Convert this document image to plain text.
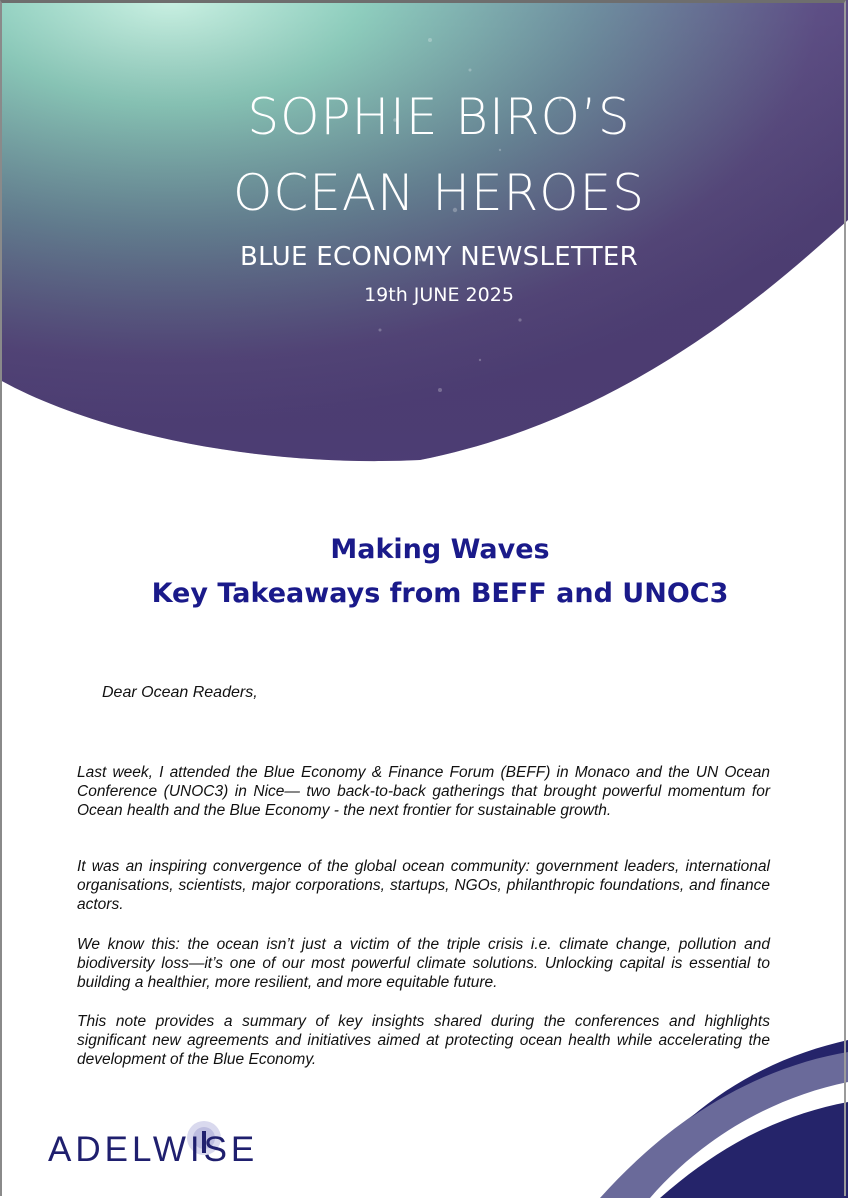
SOPHIE BIRO’S
OCEAN HEROES
BLUE ECONOMY NEWSLETTER
19th JUNE 2025
Making Waves
Key Takeaways from BEFF and UNOC3
Dear Ocean Readers,

Last week, I attended the Blue Economy & Finance Forum (BEFF) in Monaco and the UN Ocean Conference (UNOC3) in Nice— two back-to-back gatherings that brought powerful momentum for Ocean health and the Blue Economy - the next frontier for sustainable growth.

It was an inspiring convergence of the global ocean community: government leaders, international organisations, scientists, major corporations, startups, NGOs, philanthropic foundations, and finance actors.

We know this: the ocean isn’t just a victim of the triple crisis i.e. climate change, pollution and biodiversity loss—it’s one of our most powerful climate solutions. Unlocking capital is essential to building a healthier, more resilient, and more equitable future.

This note provides a summary of key insights shared during the conferences and highlights significant new agreements and initiatives aimed at protecting ocean health while accelerating the development of the Blue Economy.

ADELWISE
